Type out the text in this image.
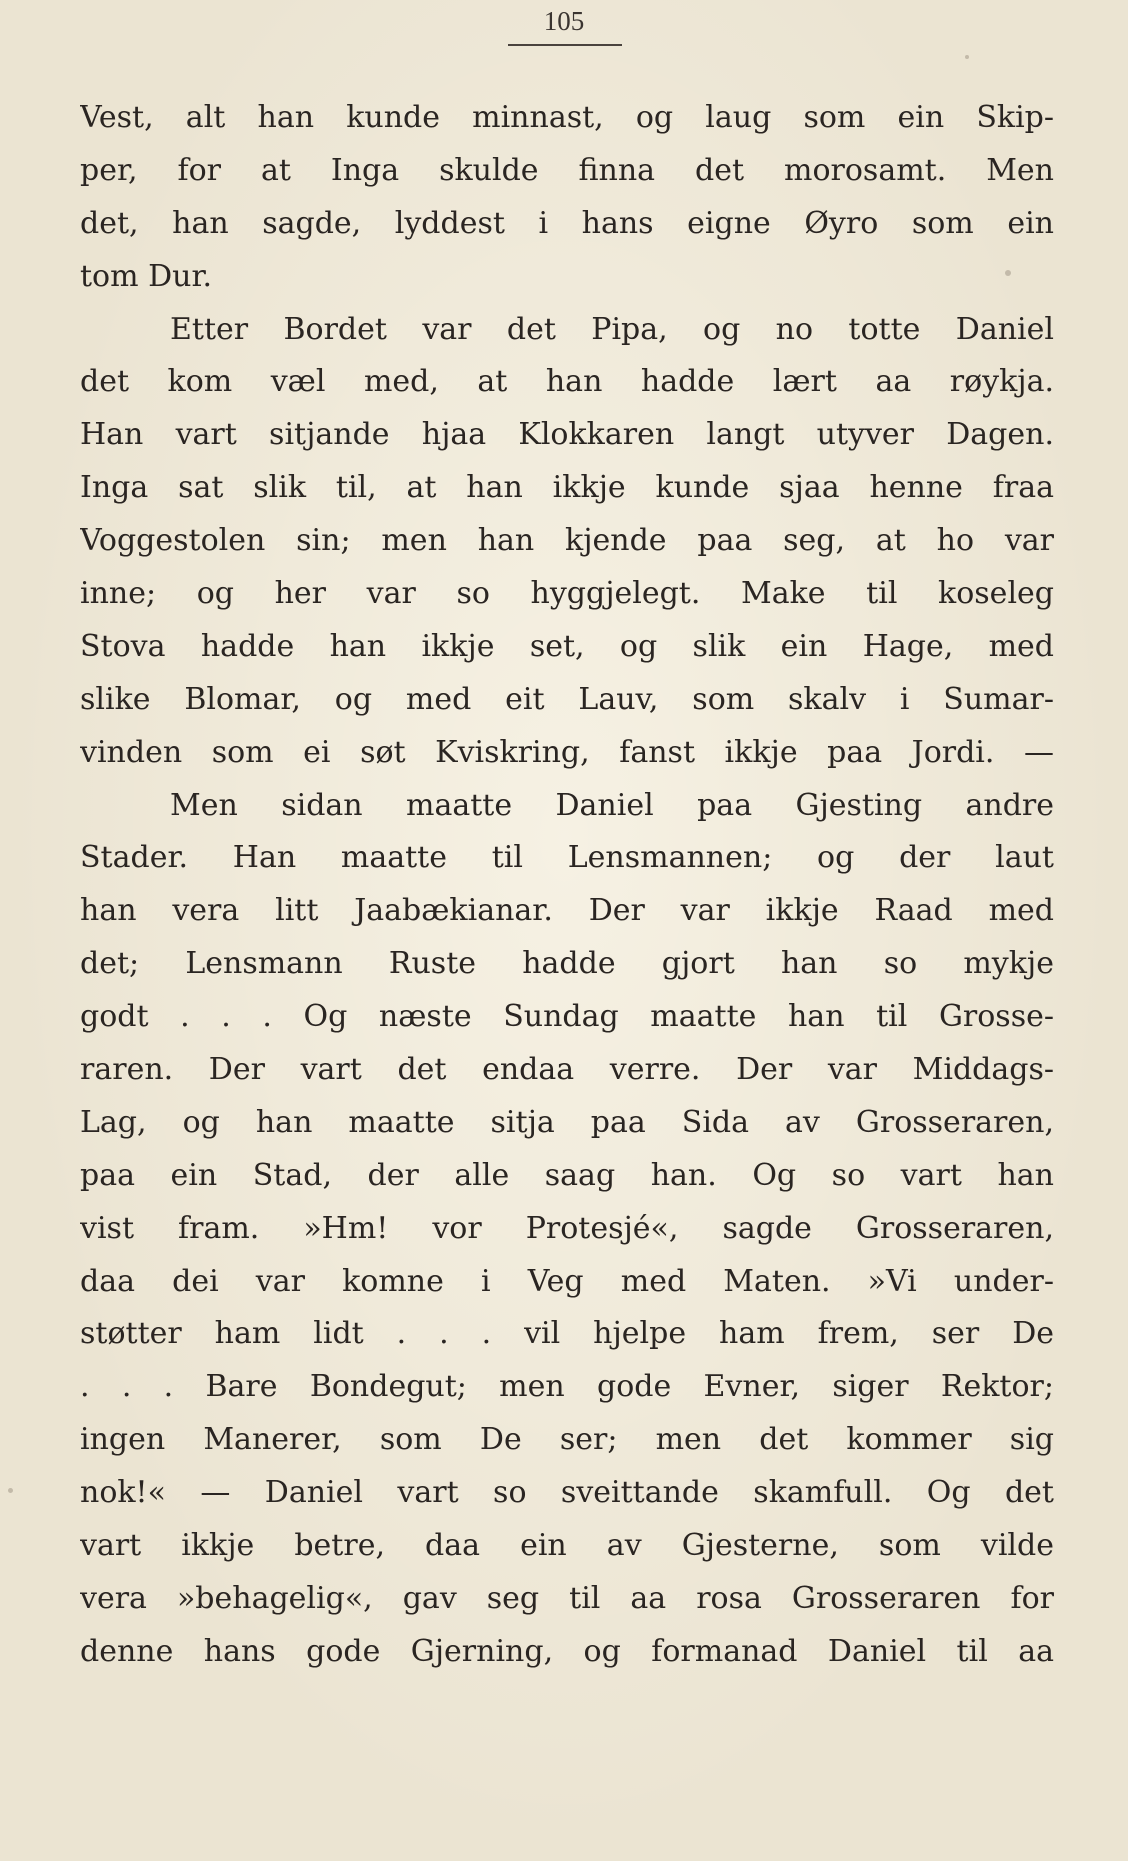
105
Vest, alt han kunde minnast, og laug som ein Skip-
per, for at Inga skulde finna det morosamt. Men
det, han sagde, lyddest i hans eigne Øyro som ein
tom Dur.
Etter Bordet var det Pipa, og no totte Daniel
det kom væl med, at han hadde lært aa røykja.
Han vart sitjande hjaa Klokkaren langt utyver Dagen.
Inga sat slik til, at han ikkje kunde sjaa henne fraa
Voggestolen sin; men han kjende paa seg, at ho var
inne; og her var so hyggjelegt. Make til koseleg
Stova hadde han ikkje set, og slik ein Hage, med
slike Blomar, og med eit Lauv, som skalv i Sumar-
vinden som ei søt Kviskring, fanst ikkje paa Jordi. —
Men sidan maatte Daniel paa Gjesting andre
Stader. Han maatte til Lensmannen; og der laut
han vera litt Jaabækianar. Der var ikkje Raad med
det; Lensmann Ruste hadde gjort han so mykje
godt . . . Og næste Sundag maatte han til Grosse-
raren. Der vart det endaa verre. Der var Middags-
Lag, og han maatte sitja paa Sida av Grosseraren,
paa ein Stad, der alle saag han. Og so vart han
vist fram. »Hm! vor Protesjé«, sagde Grosseraren,
daa dei var komne i Veg med Maten. »Vi under-
støtter ham lidt . . . vil hjelpe ham frem, ser De
. . . Bare Bondegut; men gode Evner, siger Rektor;
ingen Manerer, som De ser; men det kommer sig
nok!« — Daniel vart so sveittande skamfull. Og det
vart ikkje betre, daa ein av Gjesterne, som vilde
vera »behagelig«, gav seg til aa rosa Grosseraren for
denne hans gode Gjerning, og formanad Daniel til aa
